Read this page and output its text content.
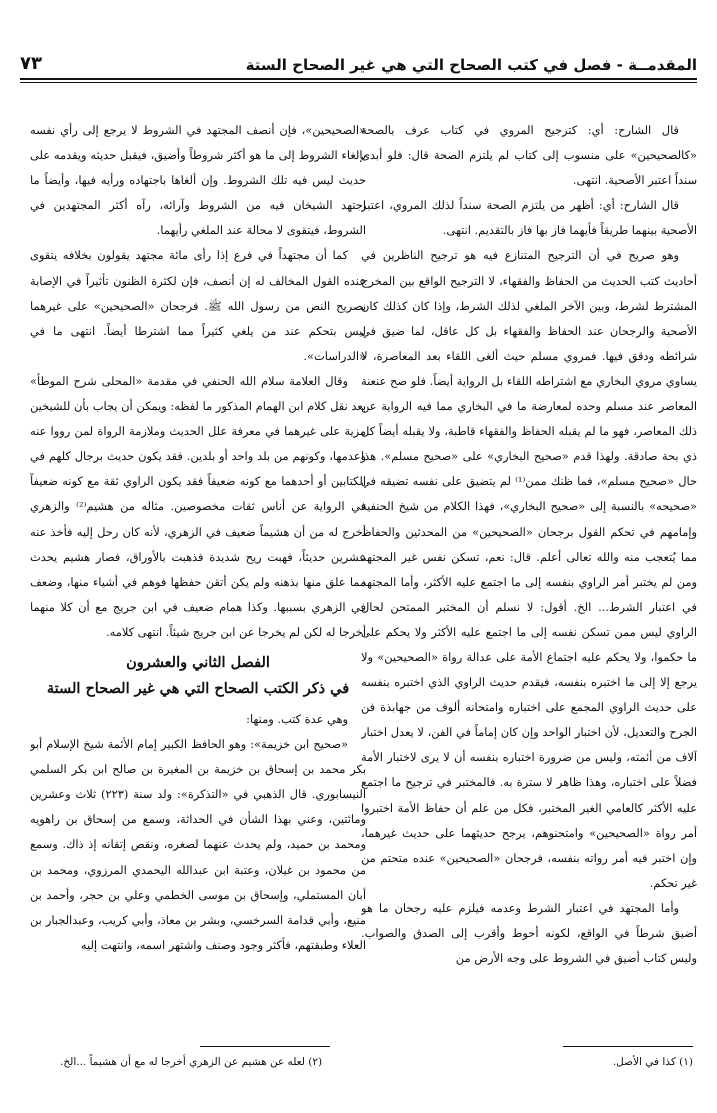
المقدمــة - فصل في كتب الصحاح التي هي غير الصحاح الستة
٧٣

قال الشارح: أي: كترجيح المروي في كتاب عرف بالصحة «كالصحيحين» على منسوب إلى كتاب لم يلتزم الصحة قال: فلو أبدى سنداً اعتبر الأصحية. انتهى.

قال الشارح: أي: أظهر من يلتزم الصحة سنداً لذلك المروي، اعتبر الأصحية بينهما طريقاً فأيهما فاز بها فاز بالتقديم. انتهى.

وهو صريح في أن الترجيح المتنازع فيه هو ترجيح الناظرين في أحاديث كتب الحديث من الحفاظ والفقهاء، لا الترجيح الواقع بين المخرج المشترط لشرط، وبين الآخر الملغي لذلك الشرط، وإذا كان كذلك كان الأصحية والرجحان عند الحفاظ والفقهاء بل كل عاقل، لما ضيق في شرائطه ودقق فيها. فمروي مسلم حيث ألغى اللقاء بعد المعاصرة، لا يساوي مروي البخاري مع اشتراطه اللقاء بل الرواية أيضاً. فلو صح عنعنة المعاصر عند مسلم وحده لمعارضة ما في البخاري مما فيه الرواية عن ذلك المعاصر، فهو ما لم يقبله الحفاظ والفقهاء قاطبة، ولا يقبله أيضاً كل ذي بحة صادقة. ولهذا قدم «صحيح البخاري» على «صحيح مسلم». هذا حال «صحيح مسلم»، فما ظنك ممن⁽¹⁾ لم يتضيق على نفسه تضيقه في «صحيحه» بالنسبة إلى «صحيح البخاري»، فهذا الكلام من شيخ الحنفية وإمامهم في تحكم القول برجحان «الصحيحين» من المحدثين والحفاظ مما يُتعجب منه والله تعالى أعلم. قال: نعم، تسكن نفس غير المجتهد ومن لم يختبر أمر الراوي بنفسه إلى ما اجتمع عليه الأكثر، وأما المجتهد في اعتبار الشرط... الخ. أقول: لا نسلم أن المختبر الممتحن لحال الراوي ليس ممن تسكن نفسه إلى ما اجتمع عليه الأكثر ولا يحكم على ما حكموا، ولا يحكم عليه اجتماع الأمة على عدالة رواة «الصحيحين» ولا يرجع إلا إلى ما اختبره بنفسه، فيقدم حديث الراوي الذي اختبره بنفسه على حديث الراوي المجمع على اختباره وامتحانه ألوف من جهابذة فن الجرح والتعديل، لأن اختبار الواحد وإن كان إماماً في الفن، لا يعدل اختبار آلاف من أئمته، وليس من ضرورة اختباره بنفسه أن لا يرى لاختبار الأمة فضلاً على اختباره، وهذا ظاهر لا سترة به. فالمختبر في ترجيح ما اجتمع عليه الأكثر كالعامي الغير المختبر، فكل من علم أن حفاظ الأمة اختبروا أمر رواة «الصحيحين» وامتحنوهم، يرجح حديثهما على حديث غيرهما، وإن اختبر فيه أمر رواته بنفسه، فرجحان «الصحيحين» عنده متحتم من غير تحكم.

وأما المجتهد في اعتبار الشرط وعدمه فيلزم عليه رجحان ما هو أضيق شرطاً في الواقع، لكونه أحوط وأقرب إلى الصدق والصواب. وليس كتاب أضيق في الشروط على وجه الأرض من

«الصحيحين»، فإن أنصف المجتهد في الشروط لا يرجع إلى رأي نفسه بإلغاء الشروط إلى ما هو أكثر شروطاً وأضيق، فيقبل حديثه ويقدمه على حديث ليس فيه تلك الشروط. وإن ألغاها باجتهاده ورأيه فيها، وأيضاً ما اجتهد الشيخان فيه من الشروط وآرائه، رآه أكثر المجتهدين في الشروط، فيتقوى لا محالة عند الملغي رأيهما.

كما أن مجتهداً في فرع إذا رأى مائة مجتهد يقولون بخلافه يتقوى عنده القول المخالف له إن أنصف، فإن لكثرة الظنون تأثيراً في الإصابة بصريح النص من رسول الله ﷺ. فرجحان «الصحيحين» على غيرهما ليس بتحكم عند من يلغي كثيراً مما اشترطا أيضاً. انتهى ما في «الدراسات».

وقال العلامة سلام الله الحنفي في مقدمة «المحلى شرح الموطأ» بعد نقل كلام ابن الهمام المذكور ما لفظه: ويمكن أن يجاب بأن للشيخين مزية على غيرهما في معرفة علل الحديث وملازمة الرواة لمن رووا عنه وعدمها، وكونهم من بلد واحد أو بلدين. فقد يكون حديث برجال كلهم في الكتابين أو أحدهما مع كونه ضعيفاً فقد يكون الراوي ثقة مع كونه ضعيفاً في الرواية عن أناس ثقات مخصوصين. مثاله من هشيم⁽²⁾ والزهري أخرج له من أن هشيماً ضعيف في الزهري، لأنه كان رحل إليه فأخذ عنه عشرين حديثاً، فهبت ريح شديدة فذهبت بالأوراق، فصار هشيم يحدث مما علق منها بذهنه ولم يكن أتقن حفظها فوهم في أشياء منها، وضعف في الزهري بسببها. وكذا همام ضعيف في ابن جريج مع أن كلا منهما أخرجا له لكن لم يخرجا عن ابن جريج شيئاً. انتهى كلامه.

الفصل الثاني والعشرون
في ذكر الكتب الصحاح التي هي غير الصحاح الستة

وهي عدة كتب. ومنها:

«صحيح ابن خزيمة»: وهو الحافظ الكبير إمام الأئمة شيخ الإسلام أبو بكر محمد بن إسحاق بن خزيمة بن المغيرة بن صالح ابن بكر السلمي النيسابوري. قال الذهبي في «التذكرة»: ولد سنة (٢٢٣) ثلاث وعشرين ومائتين، وعني بهذا الشأن في الحداثة، وسمع من إسحاق بن راهويه ومحمد بن حميد، ولم يحدث عنهما لصغره، ونقص إتقانه إذ ذاك. وسمع من محمود بن غيلان، وعتبة ابن عبدالله اليحمدي المرزوي، ومحمد بن أبان المستملي، وإسحاق بن موسى الخطمي وعلي بن حجر، وأحمد بن منيع، وأبي قدامة السرخسي، وبشر بن معاذ، وأبي كريب، وعبدالجبار بن العلاء وطبقتهم، فأكثر وجود وصنف واشتهر اسمه، وانتهت إليه

(١) كذا في الأصل.
(٢) لعله عن هشيم عن الزهري أخرجا له مع أن هشيماً ...الخ.
